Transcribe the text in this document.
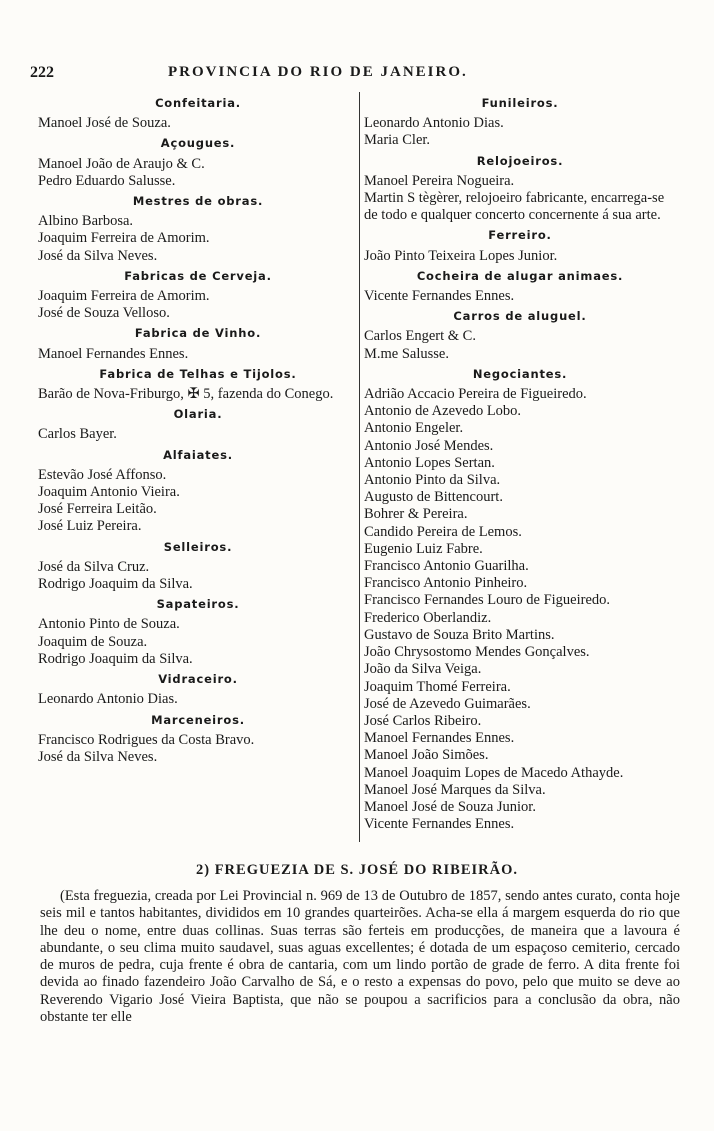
222	PROVINCIA DO RIO DE JANEIRO.
Confeitaria.
Manoel José de Souza.
Açougues.
Manoel João de Araujo & C.
Pedro Eduardo Salusse.
Mestres de obras.
Albino Barbosa.
Joaquim Ferreira de Amorim.
José da Silva Neves.
Fabricas de Cerveja.
Joaquim Ferreira de Amorim.
José de Souza Velloso.
Fabrica de Vinho.
Manoel Fernandes Ennes.
Fabrica de Telhas e Tijolos.
Barão de Nova-Friburgo, ✠ 5, fazenda do Conego.
Olaria.
Carlos Bayer.
Alfaiates.
Estevão José Affonso.
Joaquim Antonio Vieira.
José Ferreira Leitão.
José Luiz Pereira.
Selleiros.
José da Silva Cruz.
Rodrigo Joaquim da Silva.
Sapateiros.
Antonio Pinto de Souza.
Joaquim de Souza.
Rodrigo Joaquim da Silva.
Vidraceiro.
Leonardo Antonio Dias.
Marceneiros.
Francisco Rodrigues da Costa Bravo.
José da Silva Neves.
Funileiros.
Leonardo Antonio Dias.
Maria Cler.
Relojoeiros.
Manoel Pereira Nogueira.
Martin S tègèrer, relojoeiro fabricante, encarrega-se de todo e qualquer concerto concernente á sua arte.
Ferreiro.
João Pinto Teixeira Lopes Junior.
Cocheira de alugar animaes.
Vicente Fernandes Ennes.
Carros de aluguel.
Carlos Engert & C.
M.me Salusse.
Negociantes.
Adrião Accacio Pereira de Figueiredo.
Antonio de Azevedo Lobo.
Antonio Engeler.
Antonio José Mendes.
Antonio Lopes Sertan.
Antonio Pinto da Silva.
Augusto de Bittencourt.
Bohrer & Pereira.
Candido Pereira de Lemos.
Eugenio Luiz Fabre.
Francisco Antonio Guarilha.
Francisco Antonio Pinheiro.
Francisco Fernandes Louro de Figueiredo.
Frederico Oberlandiz.
Gustavo de Souza Brito Martins.
João Chrysostomo Mendes Gonçalves.
João da Silva Veiga.
Joaquim Thomé Ferreira.
José de Azevedo Guimarães.
José Carlos Ribeiro.
Manoel Fernandes Ennes.
Manoel João Simões.
Manoel Joaquim Lopes de Macedo Athayde.
Manoel José Marques da Silva.
Manoel José de Souza Junior.
Vicente Fernandes Ennes.
2) FREGUEZIA DE S. JOSÉ DO RIBEIRÃO.
(Esta freguezia, creada por Lei Provincial n. 969 de 13 de Outubro de 1857, sendo antes curato, conta hoje seis mil e tantos habitantes, divididos em 10 grandes quarteirões. Acha-se ella á margem esquerda do rio que lhe deu o nome, entre duas collinas. Suas terras são ferteis em producções, de maneira que a lavoura é abundante, o seu clima muito saudavel, suas aguas excellentes; é dotada de um espaçoso cemiterio, cercado de muros de pedra, cuja frente é obra de cantaria, com um lindo portão de grade de ferro. A dita frente foi devida ao finado fazendeiro João Carvalho de Sá, e o resto a expensas do povo, pelo que muito se deve ao Reverendo Vigario José Vieira Baptista, que não se poupou a sacrificios para a conclusão da obra, não obstante ter elle
